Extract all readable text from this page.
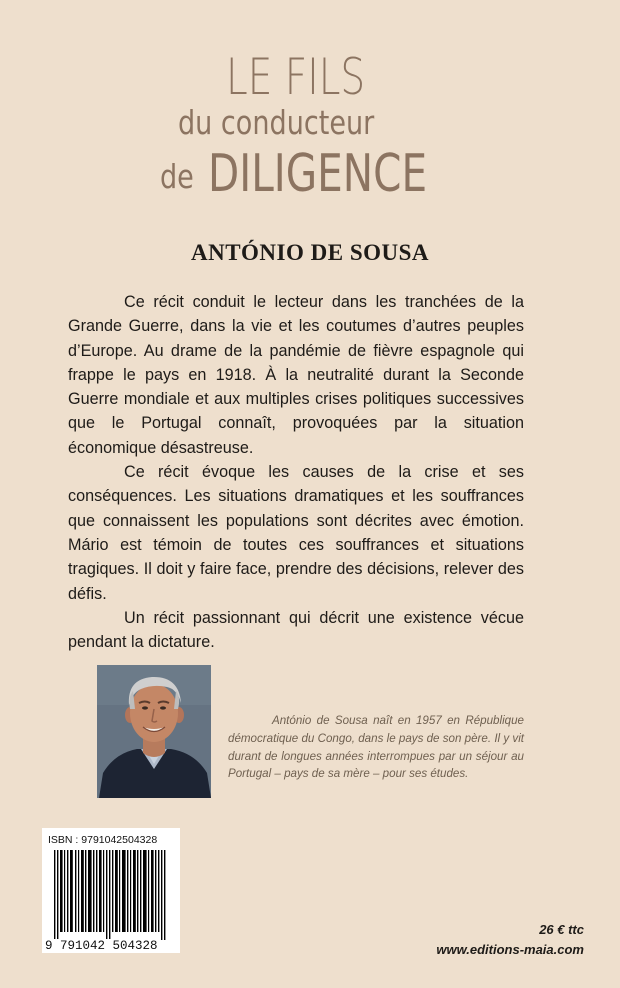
LE FILS
du conducteur
de DILIGENCE
ANTÓNIO DE SOUSA

Ce récit conduit le lecteur dans les tranchées de la Grande Guerre, dans la vie et les coutumes d’autres peuples d’Europe. Au drame de la pandémie de fièvre espagnole qui frappe le pays en 1918. À la neutralité durant la Seconde Guerre mondiale et aux multiples crises politiques successives que le Portugal connaît, provoquées par la situation économique désastreuse.

Ce récit évoque les causes de la crise et ses conséquences. Les situations dramatiques et les souffrances que connaissent les populations sont décrites avec émotion. Mário est témoin de toutes ces souffrances et situations tragiques. Il doit y faire face, prendre des décisions, relever des défis.

Un récit passionnant qui décrit une existence vécue pendant la dictature.

António de Sousa naît en 1957 en République démocratique du Congo, dans le pays de son père. Il y vit durant de longues années interrompues par un séjour au Portugal – pays de sa mère – pour ses études.

ISBN : 9791042504328
9 791042 504328
26 € ttc
www.editions-maia.com
